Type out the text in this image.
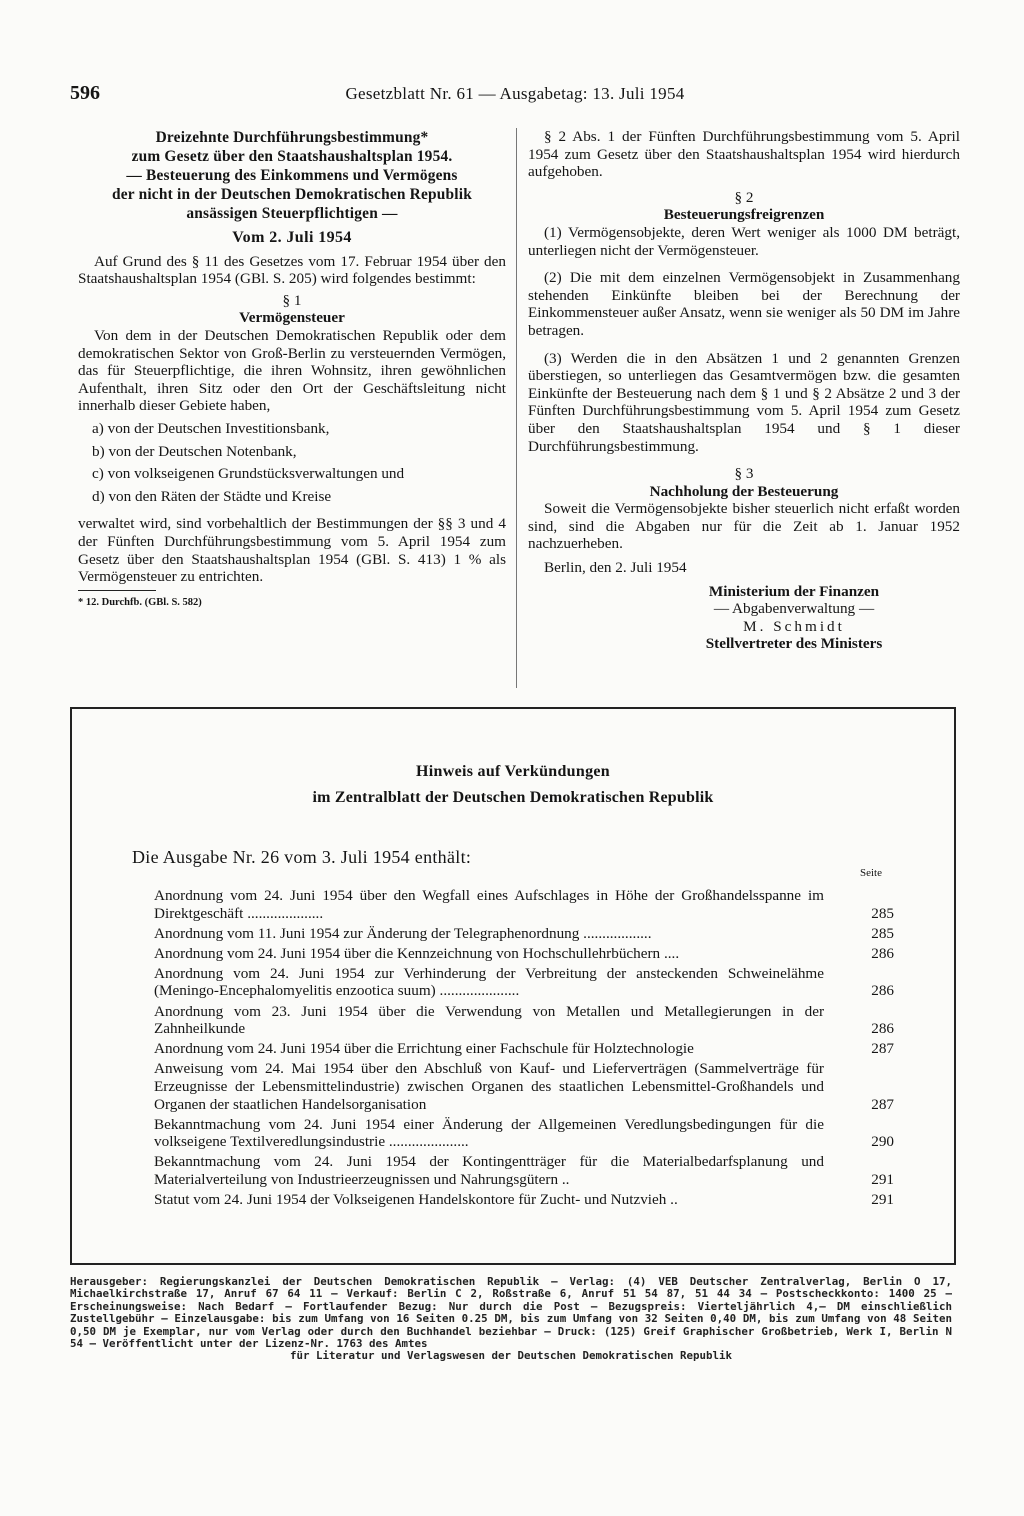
596	Gesetzblatt Nr. 61 — Ausgabetag: 13. Juli 1954
Dreizehnte Durchführungsbestimmung*
zum Gesetz über den Staatshaushaltsplan 1954.
— Besteuerung des Einkommens und Vermögens
der nicht in der Deutschen Demokratischen Republik
ansässigen Steuerpflichtigen —
Vom 2. Juli 1954

Auf Grund des § 11 des Gesetzes vom 17. Februar 1954 über den Staatshaushaltsplan 1954 (GBl. S. 205) wird folgendes bestimmt:

§ 1
Vermögensteuer

Von dem in der Deutschen Demokratischen Republik oder dem demokratischen Sektor von Groß-Berlin zu versteuernden Vermögen, das für Steuerpflichtige, die ihren Wohnsitz, ihren gewöhnlichen Aufenthalt, ihren Sitz oder den Ort der Geschäftsleitung nicht innerhalb dieser Gebiete haben,

a) von der Deutschen Investitionsbank,
b) von der Deutschen Notenbank,
c) von volkseigenen Grundstücksverwaltungen und
d) von den Räten der Städte und Kreise

verwaltet wird, sind vorbehaltlich der Bestimmungen der §§ 3 und 4 der Fünften Durchführungsbestimmung vom 5. April 1954 zum Gesetz über den Staatshaushaltsplan 1954 (GBl. S. 413) 1 % als Vermögensteuer zu entrichten.

* 12. Durchfb. (GBl. S. 582)

§ 2 Abs. 1 der Fünften Durchführungsbestimmung vom 5. April 1954 zum Gesetz über den Staatshaushaltsplan 1954 wird hierdurch aufgehoben.

§ 2
Besteuerungsfreigrenzen

(1) Vermögensobjekte, deren Wert weniger als 1000 DM beträgt, unterliegen nicht der Vermögensteuer.

(2) Die mit dem einzelnen Vermögensobjekt in Zusammenhang stehenden Einkünfte bleiben bei der Berechnung der Einkommensteuer außer Ansatz, wenn sie weniger als 50 DM im Jahre betragen.

(3) Werden die in den Absätzen 1 und 2 genannten Grenzen überstiegen, so unterliegen das Gesamtvermögen bzw. die gesamten Einkünfte der Besteuerung nach dem § 1 und § 2 Absätze 2 und 3 der Fünften Durchführungsbestimmung vom 5. April 1954 zum Gesetz über den Staatshaushaltsplan 1954 und § 1 dieser Durchführungsbestimmung.

§ 3
Nachholung der Besteuerung

Soweit die Vermögensobjekte bisher steuerlich nicht erfaßt worden sind, sind die Abgaben nur für die Zeit ab 1. Januar 1952 nachzuerheben.

Berlin, den 2. Juli 1954

Ministerium der Finanzen
— Abgabenverwaltung —
M. Schmidt
Stellvertreter des Ministers
Hinweis auf Verkündungen
im Zentralblatt der Deutschen Demokratischen Republik
Die Ausgabe Nr. 26 vom 3. Juli 1954 enthält:
Seite
Anordnung vom 24. Juni 1954 über den Wegfall eines Aufschlages in Höhe der Großhandelsspanne im Direktgeschäft ....................	285
Anordnung vom 11. Juni 1954 zur Änderung der Telegraphenordnung ..................	285
Anordnung vom 24. Juni 1954 über die Kennzeichnung von Hochschullehrbüchern ....	286
Anordnung vom 24. Juni 1954 zur Verhinderung der Verbreitung der ansteckenden Schweinelähme (Meningo-Encephalomyelitis enzootica suum) .....................	286
Anordnung vom 23. Juni 1954 über die Verwendung von Metallen und Metallegierungen in der Zahnheilkunde	286
Anordnung vom 24. Juni 1954 über die Errichtung einer Fachschule für Holztechnologie	287
Anweisung vom 24. Mai 1954 über den Abschluß von Kauf- und Lieferverträgen (Sammelverträge für Erzeugnisse der Lebensmittelindustrie) zwischen Organen des staatlichen Lebensmittel-Großhandels und Organen der staatlichen Handelsorganisation	287
Bekanntmachung vom 24. Juni 1954 einer Änderung der Allgemeinen Veredlungsbedingungen für die volkseigene Textilveredlungsindustrie .....................	290
Bekanntmachung vom 24. Juni 1954 der Kontingentträger für die Materialbedarfsplanung und Materialverteilung von Industrieerzeugnissen und Nahrungsgütern ..	291
Statut vom 24. Juni 1954 der Volkseigenen Handelskontore für Zucht- und Nutzvieh ..	291
Herausgeber: Regierungskanzlei der Deutschen Demokratischen Republik — Verlag: (4) VEB Deutscher Zentralverlag, Berlin O 17, Michaelkirchstraße 17, Anruf 67 64 11 — Verkauf: Berlin C 2, Roßstraße 6, Anruf 51 54 87, 51 44 34 — Postscheckkonto: 1400 25 — Erscheinungsweise: Nach Bedarf — Fortlaufender Bezug: Nur durch die Post — Bezugspreis: Vierteljährlich 4,— DM einschließlich Zustellgebühr — Einzelausgabe: bis zum Umfang von 16 Seiten 0.25 DM, bis zum Umfang von 32 Seiten 0,40 DM, bis zum Umfang von 48 Seiten 0,50 DM je Exemplar, nur vom Verlag oder durch den Buchhandel beziehbar — Druck: (125) Greif Graphischer Großbetrieb, Werk I, Berlin N 54 — Veröffentlicht unter der Lizenz-Nr. 1763 des Amtes
für Literatur und Verlagswesen der Deutschen Demokratischen Republik
